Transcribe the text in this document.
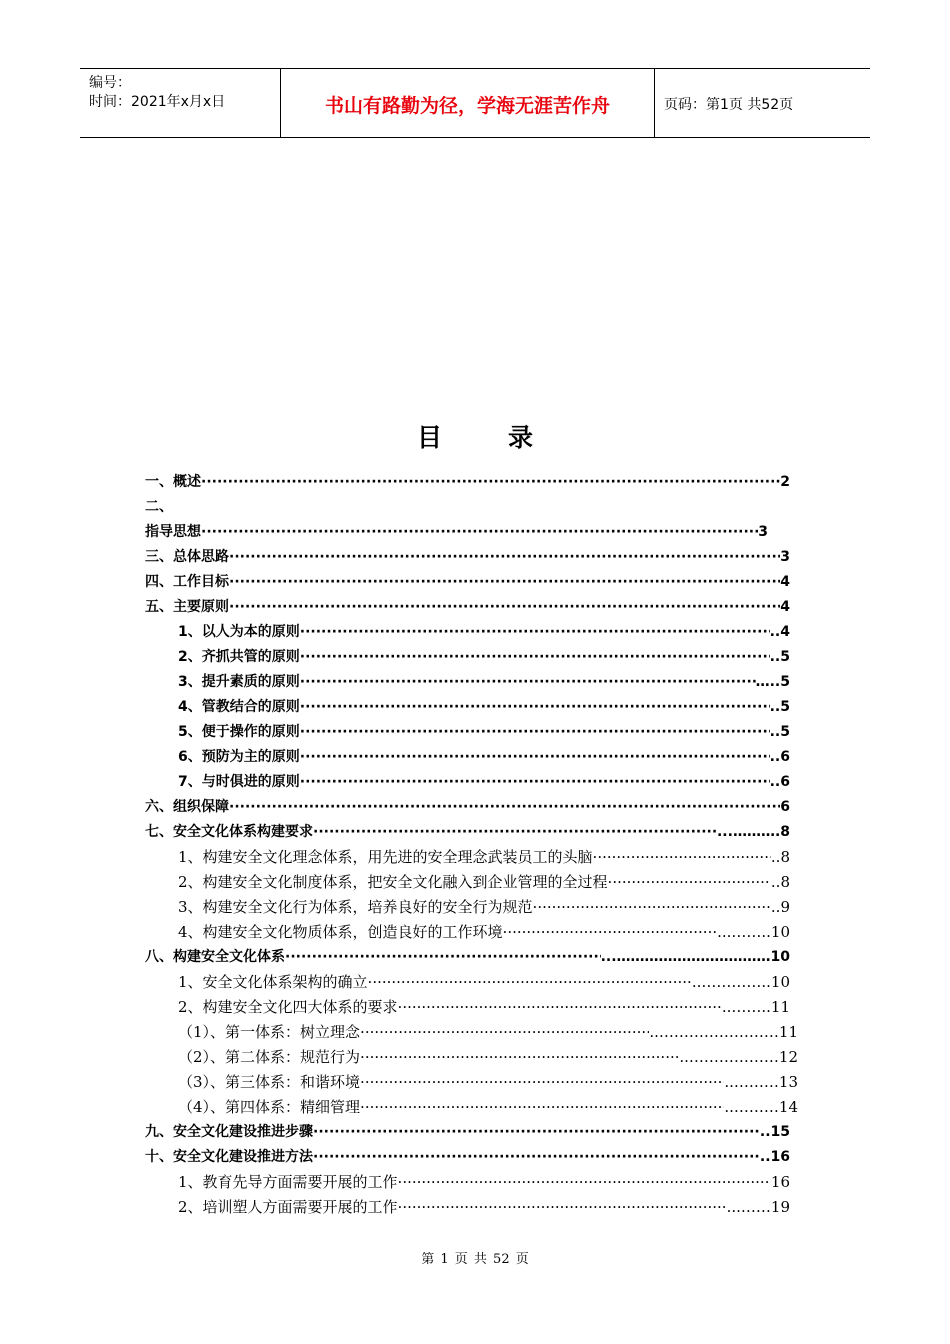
编号：
时间：2021年x月x日	书山有路勤为径，学海无涯苦作舟	页码：第1页 共52页
目录
一、概述 ·····	2
二、
指导思想 ·····	3
三、总体思路 ·····	3
四、工作目标 ·····	4
五、主要原则 ·····	4
1、以人为本的原则 ·····	..4
2、齐抓共管的原则 ·····	..5
3、提升素质的原则 ·····	…..5
4、管教结合的原则 ·····	..5
5、便于操作的原则 ·····	..5
6、预防为主的原则 ·····	..6
7、与时俱进的原则 ·····	..6
六、组织保障 ·····	6
七、安全文化体系构建要求 ·····	...……….8
1、构建安全文化理念体系，用先进的安全理念武装员工的头脑 ·····	..8
2、构建安全文化制度体系，把安全文化融入到企业管理的全过程 ·····	..8
3、构建安全文化行为体系，培养良好的安全行为规范 ·····	..9
4、构建安全文化物质体系，创造良好的工作环境 ·····	...……..10
八、构建安全文化体系 ·····	...……………………………10
1、安全文化体系架构的确立 ·····	..…………..10
2、构建安全文化四大体系的要求 ·····	..……..11
（1）、第一体系：树立理念 ·····	..……………………11
（2）、第二体系：规范行为 ·····	..………………12
（3）、第三体系：和谐环境 ·····	..………13
（4）、第四体系：精细管理 ·····	..………14
九、安全文化建设推进步骤 ·····	..15
十、安全文化建设推进方法 ·····	..16
1、教育先导方面需要开展的工作 ·····	16
2、培训塑人方面需要开展的工作 ·····	...……19
第 1 页 共 52 页
